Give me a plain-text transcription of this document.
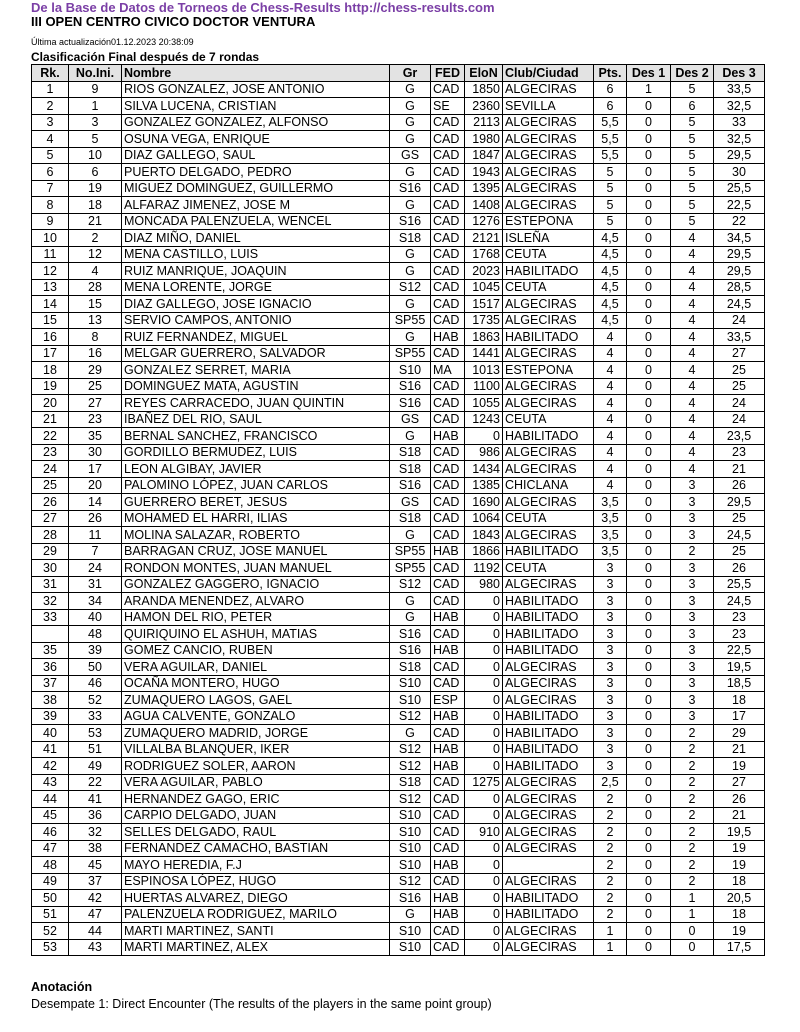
De la Base de Datos de Torneos de Chess-Results http://chess-results.com
III OPEN CENTRO CIVICO DOCTOR VENTURA
Última actualización01.12.2023 20:38:09
Clasificación Final después de 7 rondas
Rk.	No.Ini.	Nombre	Gr	FED	EloN	Club/Ciudad	Pts.	Des 1	Des 2	Des 3
1	9	RIOS GONZALEZ, JOSE ANTONIO	G	CAD	1850	ALGECIRAS	6	1	5	33,5
2	1	SILVA LUCENA, CRISTIAN	G	SE	2360	SEVILLA	6	0	6	32,5
3	3	GONZALEZ GONZALEZ, ALFONSO	G	CAD	2113	ALGECIRAS	5,5	0	5	33
4	5	OSUNA VEGA, ENRIQUE	G	CAD	1980	ALGECIRAS	5,5	0	5	32,5
5	10	DIAZ GALLEGO, SAUL	GS	CAD	1847	ALGECIRAS	5,5	0	5	29,5
6	6	PUERTO DELGADO, PEDRO	G	CAD	1943	ALGECIRAS	5	0	5	30
7	19	MIGUEZ DOMINGUEZ, GUILLERMO	S16	CAD	1395	ALGECIRAS	5	0	5	25,5
8	18	ALFARAZ JIMENEZ, JOSE M	G	CAD	1408	ALGECIRAS	5	0	5	22,5
9	21	MONCADA PALENZUELA, WENCEL	S16	CAD	1276	ESTEPONA	5	0	5	22
10	2	DIAZ MIÑO, DANIEL	S18	CAD	2121	ISLEÑA	4,5	0	4	34,5
11	12	MENA CASTILLO, LUIS	G	CAD	1768	CEUTA	4,5	0	4	29,5
12	4	RUIZ MANRIQUE, JOAQUIN	G	CAD	2023	HABILITADO	4,5	0	4	29,5
13	28	MENA LORENTE, JORGE	S12	CAD	1045	CEUTA	4,5	0	4	28,5
14	15	DIAZ GALLEGO, JOSE IGNACIO	G	CAD	1517	ALGECIRAS	4,5	0	4	24,5
15	13	SERVIO CAMPOS, ANTONIO	SP55	CAD	1735	ALGECIRAS	4,5	0	4	24
16	8	RUIZ FERNANDEZ, MIGUEL	G	HAB	1863	HABILITADO	4	0	4	33,5
17	16	MELGAR GUERRERO, SALVADOR	SP55	CAD	1441	ALGECIRAS	4	0	4	27
18	29	GONZALEZ SERRET, MARIA	S10	MA	1013	ESTEPONA	4	0	4	25
19	25	DOMINGUEZ MATA, AGUSTIN	S16	CAD	1100	ALGECIRAS	4	0	4	25
20	27	REYES CARRACEDO, JUAN QUINTIN	S16	CAD	1055	ALGECIRAS	4	0	4	24
21	23	IBAÑEZ DEL RIO, SAUL	GS	CAD	1243	CEUTA	4	0	4	24
22	35	BERNAL SANCHEZ, FRANCISCO	G	HAB	0	HABILITADO	4	0	4	23,5
23	30	GORDILLO BERMUDEZ, LUIS	S18	CAD	986	ALGECIRAS	4	0	4	23
24	17	LEON ALGIBAY, JAVIER	S18	CAD	1434	ALGECIRAS	4	0	4	21
25	20	PALOMINO LÓPEZ, JUAN CARLOS	S16	CAD	1385	CHICLANA	4	0	3	26
26	14	GUERRERO BERET, JESUS	GS	CAD	1690	ALGECIRAS	3,5	0	3	29,5
27	26	MOHAMED EL HARRI, ILIAS	S18	CAD	1064	CEUTA	3,5	0	3	25
28	11	MOLINA SALAZAR, ROBERTO	G	CAD	1843	ALGECIRAS	3,5	0	3	24,5
29	7	BARRAGAN CRUZ, JOSE MANUEL	SP55	HAB	1866	HABILITADO	3,5	0	2	25
30	24	RONDON MONTES, JUAN MANUEL	SP55	CAD	1192	CEUTA	3	0	3	26
31	31	GONZALEZ GAGGERO, IGNACIO	S12	CAD	980	ALGECIRAS	3	0	3	25,5
32	34	ARANDA MENENDEZ, ALVARO	G	CAD	0	HABILITADO	3	0	3	24,5
33	40	HAMON DEL RIO, PETER	G	HAB	0	HABILITADO	3	0	3	23
	48	QUIRIQUINO EL ASHUH, MATIAS	S16	CAD	0	HABILITADO	3	0	3	23
35	39	GOMEZ CANCIO, RUBEN	S16	HAB	0	HABILITADO	3	0	3	22,5
36	50	VERA AGUILAR, DANIEL	S18	CAD	0	ALGECIRAS	3	0	3	19,5
37	46	OCAÑA MONTERO, HUGO	S10	CAD	0	ALGECIRAS	3	0	3	18,5
38	52	ZUMAQUERO LAGOS, GAEL	S10	ESP	0	ALGECIRAS	3	0	3	18
39	33	AGUA CALVENTE, GONZALO	S12	HAB	0	HABILITADO	3	0	3	17
40	53	ZUMAQUERO MADRID, JORGE	G	CAD	0	HABILITADO	3	0	2	29
41	51	VILLALBA BLANQUER, IKER	S12	HAB	0	HABILITADO	3	0	2	21
42	49	RODRIGUEZ SOLER, AARON	S12	HAB	0	HABILITADO	3	0	2	19
43	22	VERA AGUILAR, PABLO	S18	CAD	1275	ALGECIRAS	2,5	0	2	27
44	41	HERNANDEZ GAGO, ERIC	S12	CAD	0	ALGECIRAS	2	0	2	26
45	36	CARPIO DELGADO, JUAN	S10	CAD	0	ALGECIRAS	2	0	2	21
46	32	SELLES DELGADO, RAUL	S10	CAD	910	ALGECIRAS	2	0	2	19,5
47	38	FERNANDEZ CAMACHO, BASTIAN	S10	CAD	0	ALGECIRAS	2	0	2	19
48	45	MAYO HEREDIA, F.J	S10	HAB	0		2	0	2	19
49	37	ESPINOSA LÓPEZ, HUGO	S12	CAD	0	ALGECIRAS	2	0	2	18
50	42	HUERTAS ALVAREZ, DIEGO	S16	HAB	0	HABILITADO	2	0	1	20,5
51	47	PALENZUELA RODRIGUEZ, MARILO	G	HAB	0	HABILITADO	2	0	1	18
52	44	MARTI MARTINEZ, SANTI	S10	CAD	0	ALGECIRAS	1	0	0	19
53	43	MARTI MARTINEZ, ALEX	S10	CAD	0	ALGECIRAS	1	0	0	17,5
Anotación
Desempate 1: Direct Encounter (The results of the players in the same point group)
